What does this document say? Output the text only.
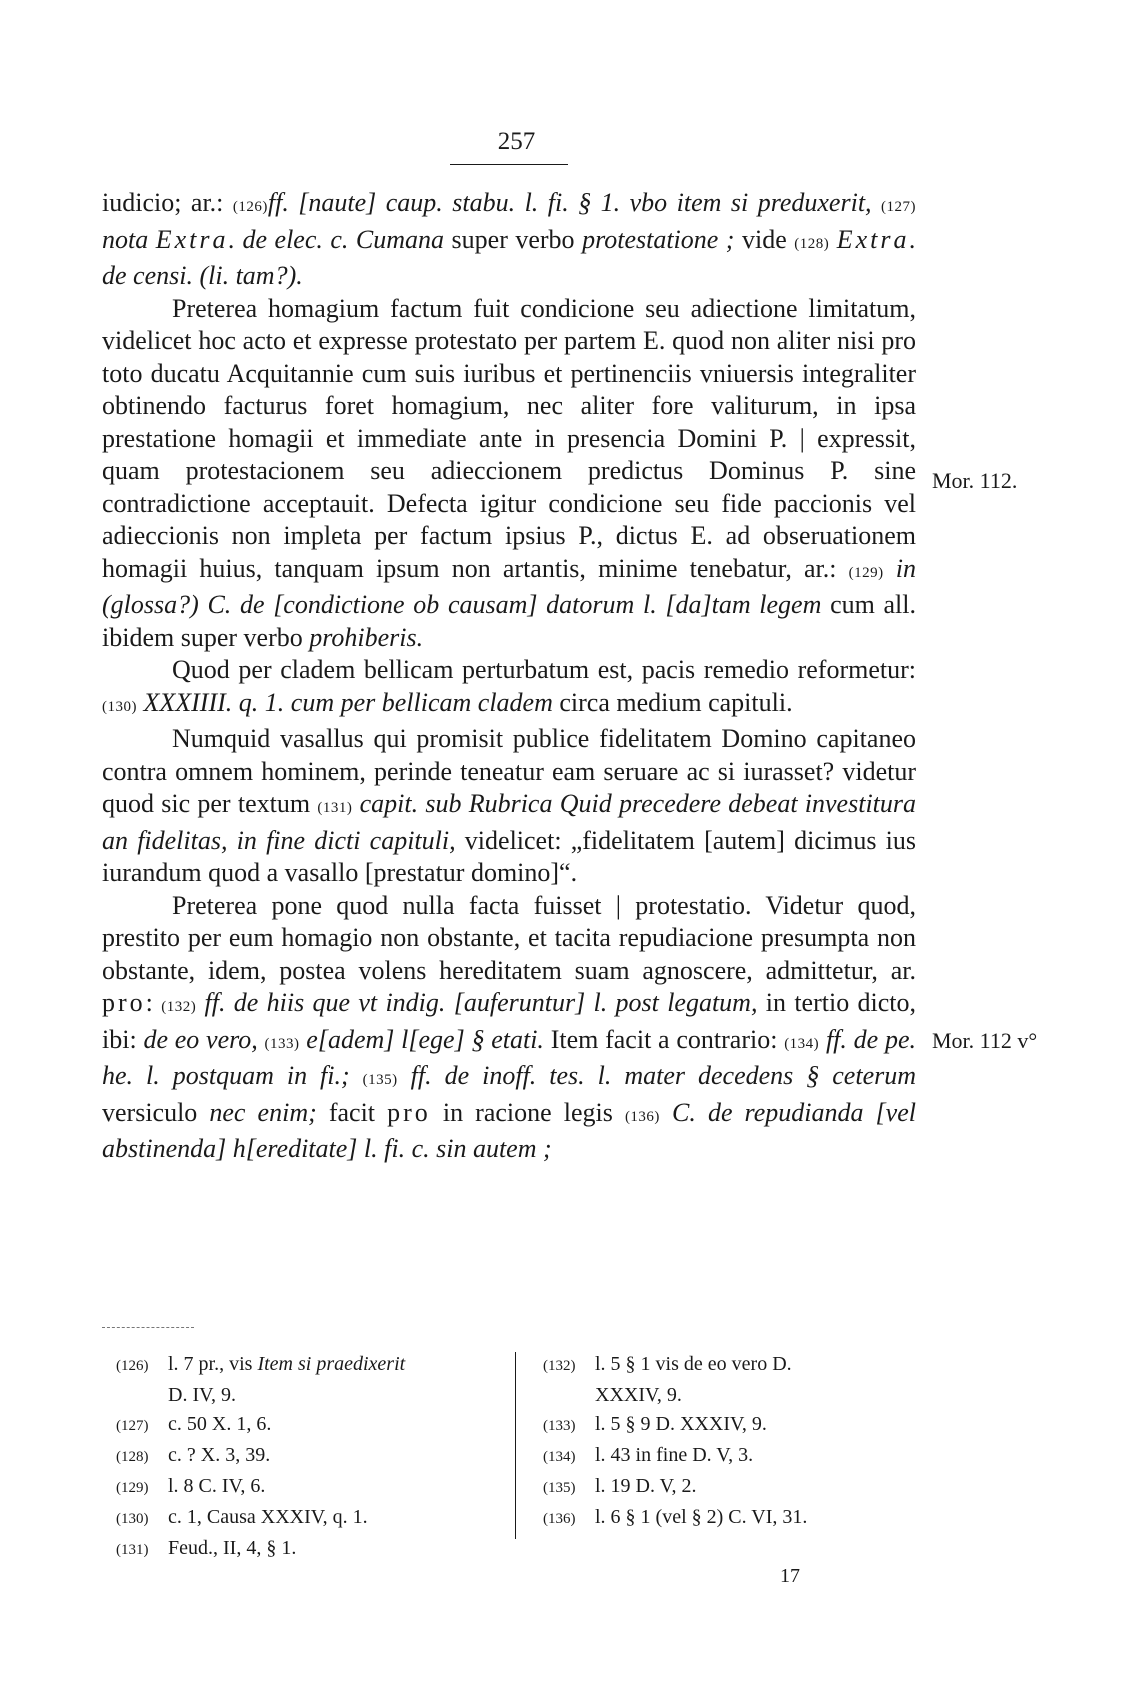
257

iudicio; ar.: (126)ff. [naute] caup. stabu. l. fi. § 1. vbo item si preduxerit, (127) nota Extra. de elec. c. Cumana super verbo protestatione ; vide (128) Extra. de censi. (li. tam?).

Preterea homagium factum fuit condicione seu adiectione limitatum, videlicet hoc acto et expresse protestato per partem E. quod non aliter nisi pro toto ducatu Acquitannie cum suis iuribus et pertinenciis vniuersis integraliter obtinendo facturus foret homagium, nec aliter fore valiturum, in ipsa prestatione homagii et immediate ante in presencia Domini P. | expressit, quam protestacionem seu adieccionem predictus Dominus P. sine contradictione acceptauit. Defecta igitur condicione seu fide paccionis vel adieccionis non impleta per factum ipsius P., dictus E. ad obseruationem homagii huius, tanquam ipsum non artantis, minime tenebatur, ar.: (129) in (glossa?) C. de [condictione ob causam] datorum l. [da]tam legem cum all. ibidem super verbo prohiberis.

Quod per cladem bellicam perturbatum est, pacis remedio reformetur: (130) XXXIIII. q. 1. cum per bellicam cladem circa medium capituli.

Numquid vasallus qui promisit publice fidelitatem Domino capitaneo contra omnem hominem, perinde teneatur eam seruare ac si iurasset? videtur quod sic per textum (131) capit. sub Rubrica Quid precedere debeat investitura an fidelitas, in fine dicti capituli, videlicet: „fidelitatem [autem] dicimus ius iurandum quod a vasallo [prestatur domino]“.

Preterea pone quod nulla facta fuisset | protestatio. Videtur quod, prestito per eum homagio non obstante, et tacita repudiacione presumpta non obstante, idem, postea volens hereditatem suam agnoscere, admittetur, ar. pro: (132) ff. de hiis que vt indig. [auferuntur] l. post legatum, in tertio dicto, ibi: de eo vero, (133) e[adem] l[ege] § etati. Item facit a contrario: (134) ff. de pe. he. l. postquam in fi.; (135) ff. de inoff. tes. l. mater decedens § ceterum versiculo nec enim; facit pro in racione legis (136) C. de repudianda [vel abstinenda] h[ereditate] l. fi. c. sin autem ;

Mor. 112.
Mor. 112 v°
(126) l. 7 pr., vis Item si praedixerit
D. IV, 9.
(127) c. 50 X. 1, 6.
(128) c. ? X. 3, 39.
(129) l. 8 C. IV, 6.
(130) c. 1, Causa XXXIV, q. 1.
(131) Feud., II, 4, § 1.
(132) l. 5 § 1 vis de eo vero D.
XXXIV, 9.
(133) l. 5 § 9 D. XXXIV, 9.
(134) l. 43 in fine D. V, 3.
(135) l. 19 D. V, 2.
(136) l. 6 § 1 (vel § 2) C. VI, 31.
17
